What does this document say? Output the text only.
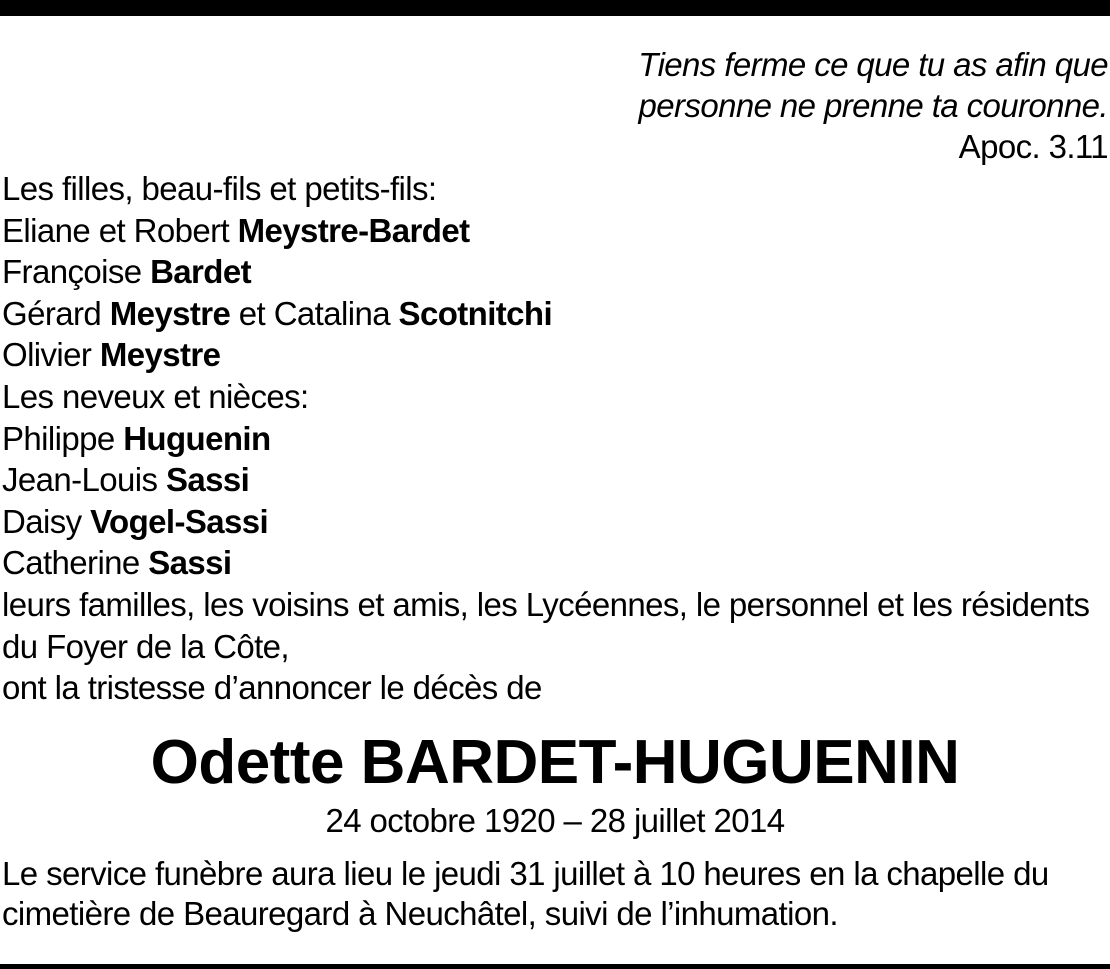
Tiens ferme ce que tu as afin que
personne ne prenne ta couronne.
Apoc. 3.11
Les filles, beau-fils et petits-fils:
Eliane et Robert Meystre-Bardet
Françoise Bardet
Gérard Meystre et Catalina Scotnitchi
Olivier Meystre
Les neveux et nièces:
Philippe Huguenin
Jean-Louis Sassi
Daisy Vogel-Sassi
Catherine Sassi
leurs familles, les voisins et amis, les Lycéennes, le personnel et les résidents
du Foyer de la Côte,
ont la tristesse d’annoncer le décès de
Odette BARDET-HUGUENIN
24 octobre 1920 – 28 juillet 2014
Le service funèbre aura lieu le jeudi 31 juillet à 10 heures en la chapelle du
cimetière de Beauregard à Neuchâtel, suivi de l’inhumation.
